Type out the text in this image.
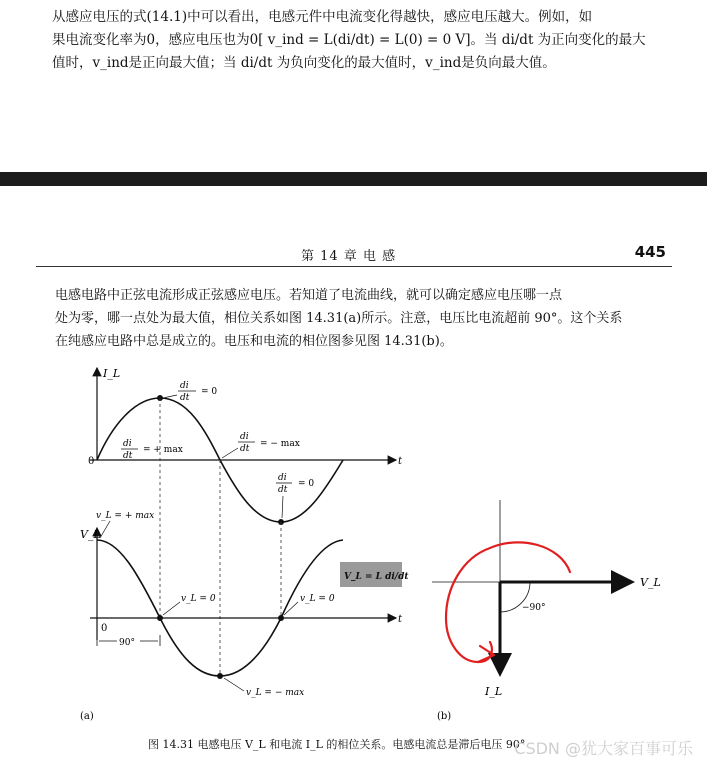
从感应电压的式(14.1)中可以看出，电感元件中电流变化得越快，感应电压越大。例如，如
果电流变化率为0，感应电压也为0[ v_ind = L(di/dt) = L(0) = 0 V]。当 di/dt 为正向变化的最大
值时，v_ind是正向最大值；当 di/dt 为负向变化的最大值时，v_ind是负向最大值。
第 14 章 电 感	445
电感电路中正弦电流形成正弦感应电压。若知道了电流曲线，就可以确定感应电压哪一点
处为零，哪一点处为最大值，相位关系如图 14.31(a)所示。注意，电压比电流超前 90°。这个关系
在纯感应电路中总是成立的。电压和电流的相位图参见图 14.31(b)。
I_L
0	t
di
dt
= 0
di
dt
= + max
di
dt = − max
di
dt
= 0
V_L
0
t
v_L = + max
v_L = 0	v_L = 0
v_L = − max
90°
V_L = L di/dt
(a)
−90°
V_L
I_L
(b)
图 14.31 电感电压 V_L 和电流 I_L 的相位关系。电感电流总是滞后电压 90°
CSDN @犹大家百事可乐
